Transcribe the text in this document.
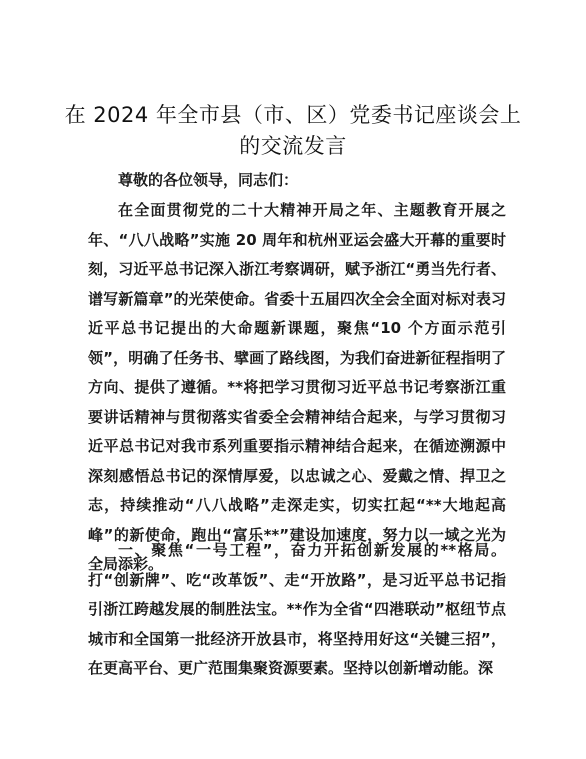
在 2024 年全市县（市、区）党委书记座谈会上
的交流发言
尊敬的各位领导，同志们：
在全面贯彻党的二十大精神开局之年、主题教育开展之年、“八八战略”实施 20 周年和杭州亚运会盛大开幕的重要时刻，习近平总书记深入浙江考察调研，赋予浙江“勇当先行者、谱写新篇章”的光荣使命。省委十五届四次全会全面对标对表习近平总书记提出的大命题新课题，聚焦“10 个方面示范引领”，明确了任务书、擘画了路线图，为我们奋进新征程指明了方向、提供了遵循。**将把学习贯彻习近平总书记考察浙江重要讲话精神与贯彻落实省委全会精神结合起来，与学习贯彻习近平总书记对我市系列重要指示精神结合起来，在循迹溯源中深刻感悟总书记的深情厚爱，以忠诚之心、爱戴之情、捍卫之志，持续推动“八八战略”走深走实，切实扛起“**大地起高峰”的新使命，跑出“富乐**”建设加速度，努力以一域之光为全局添彩。
一、聚焦“一号工程”，奋力开拓创新发展的**格局。打“创新牌”、吃“改革饭”、走“开放路”，是习近平总书记指引浙江跨越发展的制胜法宝。**作为全省“四港联动”枢纽节点城市和全国第一批经济开放县市，将坚持用好这“关键三招”，在更高平台、更广范围集聚资源要素。坚持以创新增动能。深
